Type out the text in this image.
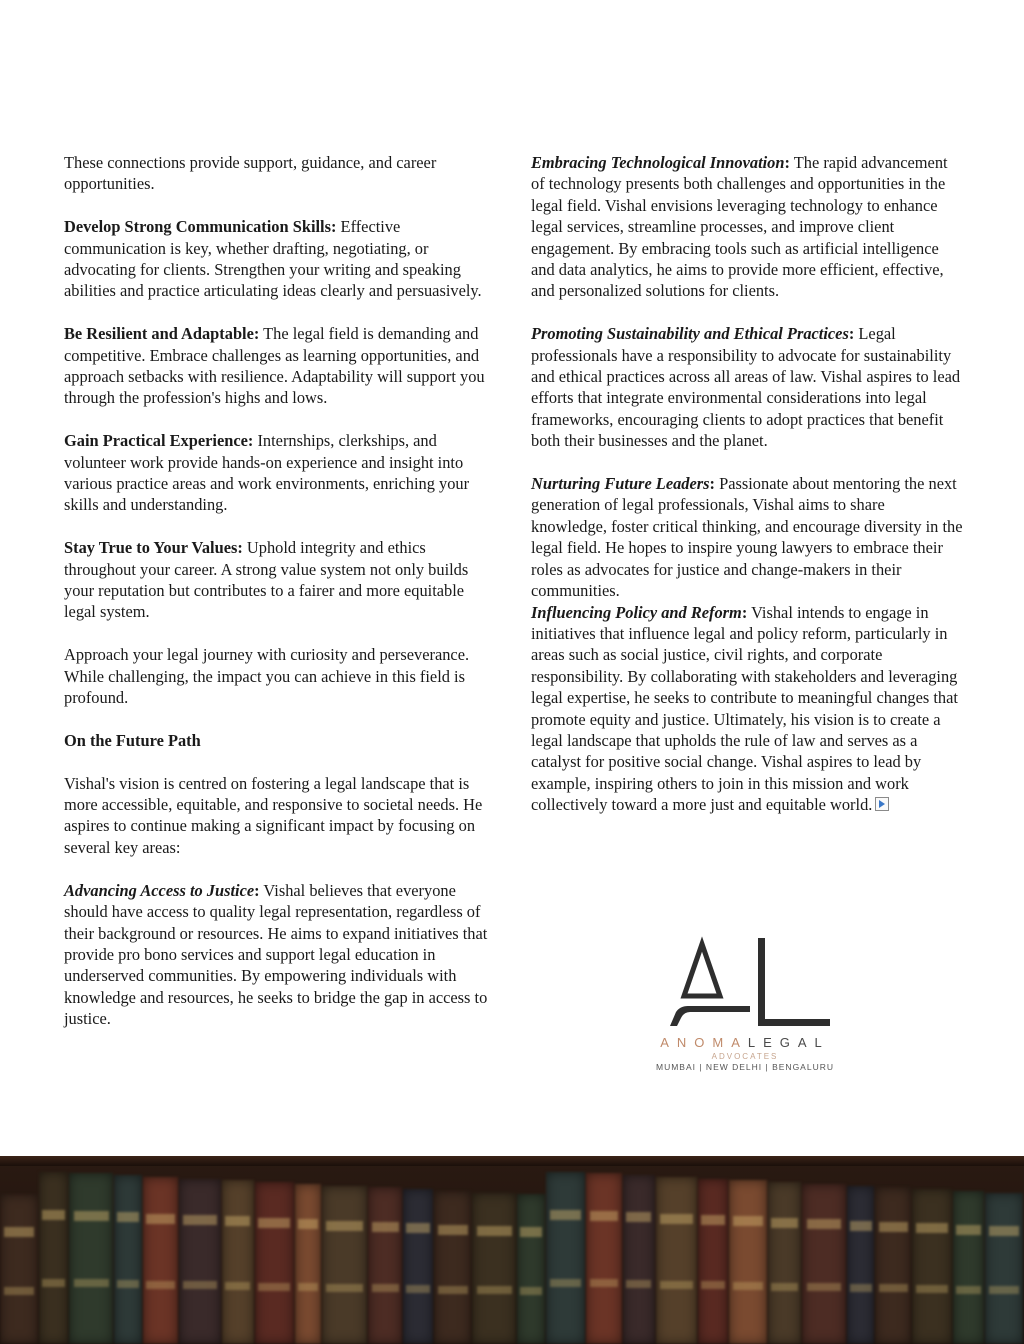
These connections provide support, guidance, and career opportunities.

Develop Strong Communication Skills: Effective communication is key, whether drafting, negotiating, or advocating for clients. Strengthen your writing and speaking abilities and practice articulating ideas clearly and persuasively.

Be Resilient and Adaptable: The legal field is demanding and competitive. Embrace challenges as learning opportunities, and approach setbacks with resilience. Adaptability will support you through the profession's highs and lows.

Gain Practical Experience: Internships, clerkships, and volunteer work provide hands-on experience and insight into various practice areas and work environments, enriching your skills and understanding.

Stay True to Your Values: Uphold integrity and ethics throughout your career. A strong value system not only builds your reputation but contributes to a fairer and more equitable legal system.

Approach your legal journey with curiosity and perseverance. While challenging, the impact you can achieve in this field is profound.

On the Future Path

Vishal's vision is centred on fostering a legal landscape that is more accessible, equitable, and responsive to societal needs. He aspires to continue making a significant impact by focusing on several key areas:

Advancing Access to Justice: Vishal believes that everyone should have access to quality legal representation, regardless of their background or resources. He aims to expand initiatives that provide pro bono services and support legal education in underserved communities. By empowering individuals with knowledge and resources, he seeks to bridge the gap in access to justice.

Embracing Technological Innovation: The rapid advancement of technology presents both challenges and opportunities in the legal field. Vishal envisions leveraging technology to enhance legal services, streamline processes, and improve client engagement. By embracing tools such as artificial intelligence and data analytics, he aims to provide more efficient, effective, and personalized solutions for clients.

Promoting Sustainability and Ethical Practices: Legal professionals have a responsibility to advocate for sustainability and ethical practices across all areas of law. Vishal aspires to lead efforts that integrate environmental considerations into legal frameworks, encouraging clients to adopt practices that benefit both their businesses and the planet.

Nurturing Future Leaders: Passionate about mentoring the next generation of legal professionals, Vishal aims to share knowledge, foster critical thinking, and encourage diversity in the legal field. He hopes to inspire young lawyers to embrace their roles as advocates for justice and change-makers in their communities.

Influencing Policy and Reform: Vishal intends to engage in initiatives that influence legal and policy reform, particularly in areas such as social justice, civil rights, and corporate responsibility. By collaborating with stakeholders and leveraging legal expertise, he seeks to contribute to meaningful changes that promote equity and justice. Ultimately, his vision is to create a legal landscape that upholds the rule of law and serves as a catalyst for positive social change. Vishal aspires to lead by example, inspiring others to join in this mission and work collectively toward a more just and equitable world.

ANOMALEGAL
ADVOCATES
MUMBAI | NEW DELHI | BENGALURU
